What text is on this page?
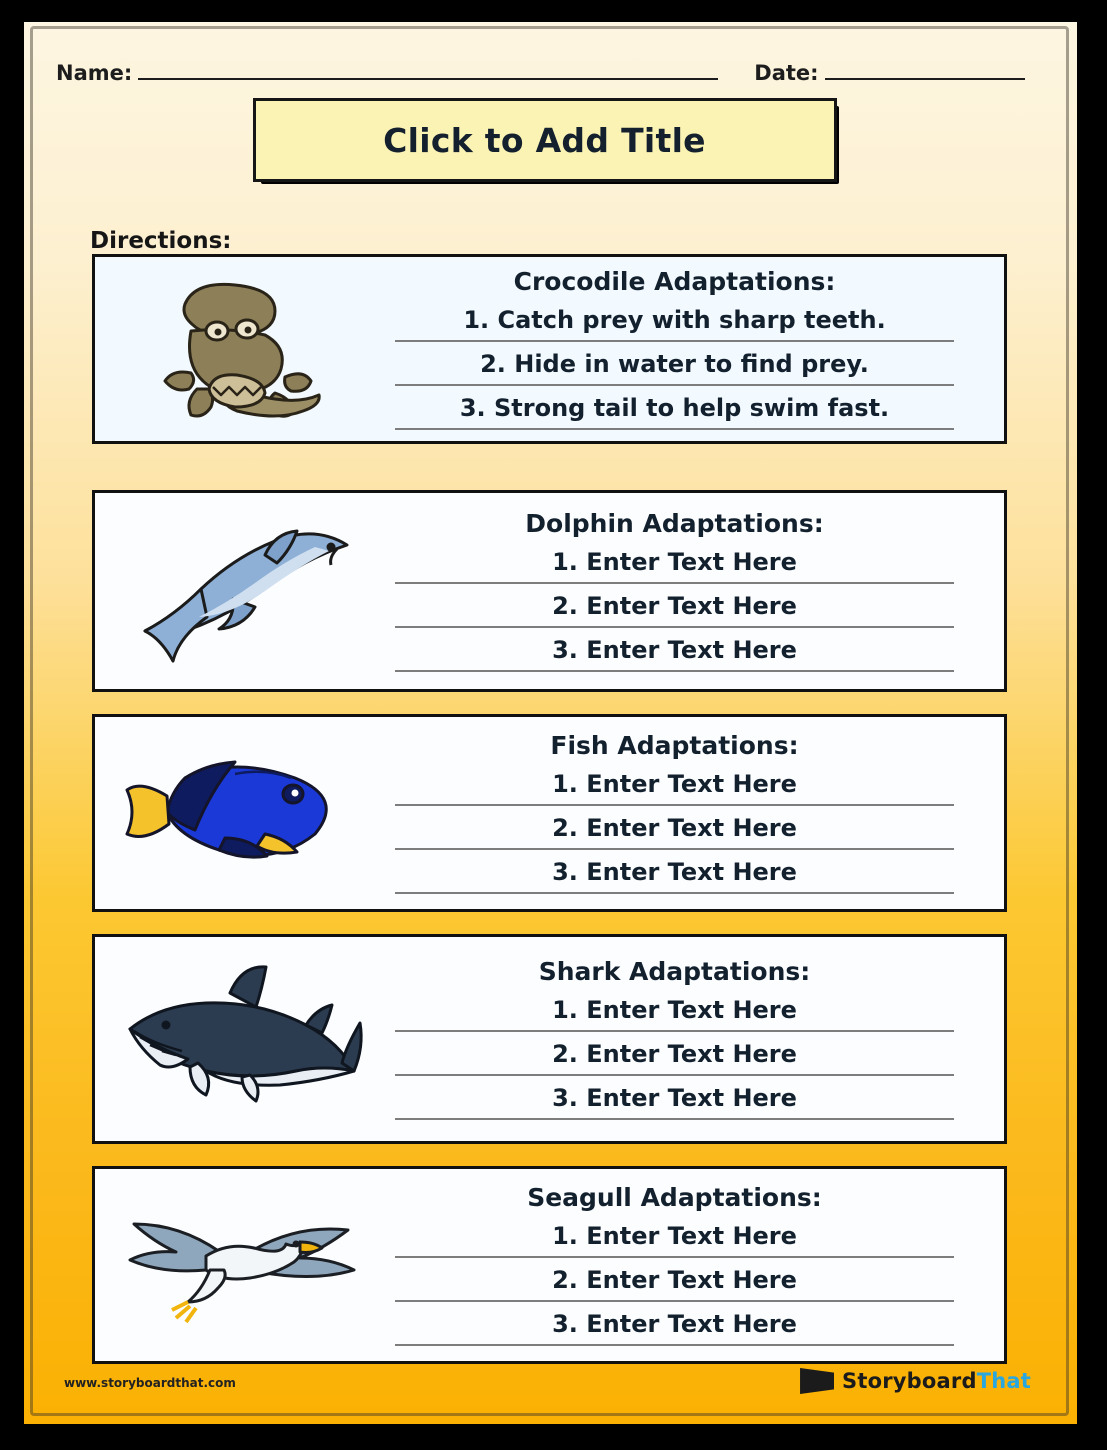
Name:	Date:
Click to Add Title
Directions:
Crocodile Adaptations:
1. Catch prey with sharp teeth.
2. Hide in water to find prey.
3. Strong tail to help swim fast.
Dolphin Adaptations:
1. Enter Text Here
2. Enter Text Here
3. Enter Text Here
Fish Adaptations:
1. Enter Text Here
2. Enter Text Here
3. Enter Text Here
Shark Adaptations:
1. Enter Text Here
2. Enter Text Here
3. Enter Text Here
Seagull Adaptations:
1. Enter Text Here
2. Enter Text Here
3. Enter Text Here
www.storyboardthat.com	StoryboardThat
